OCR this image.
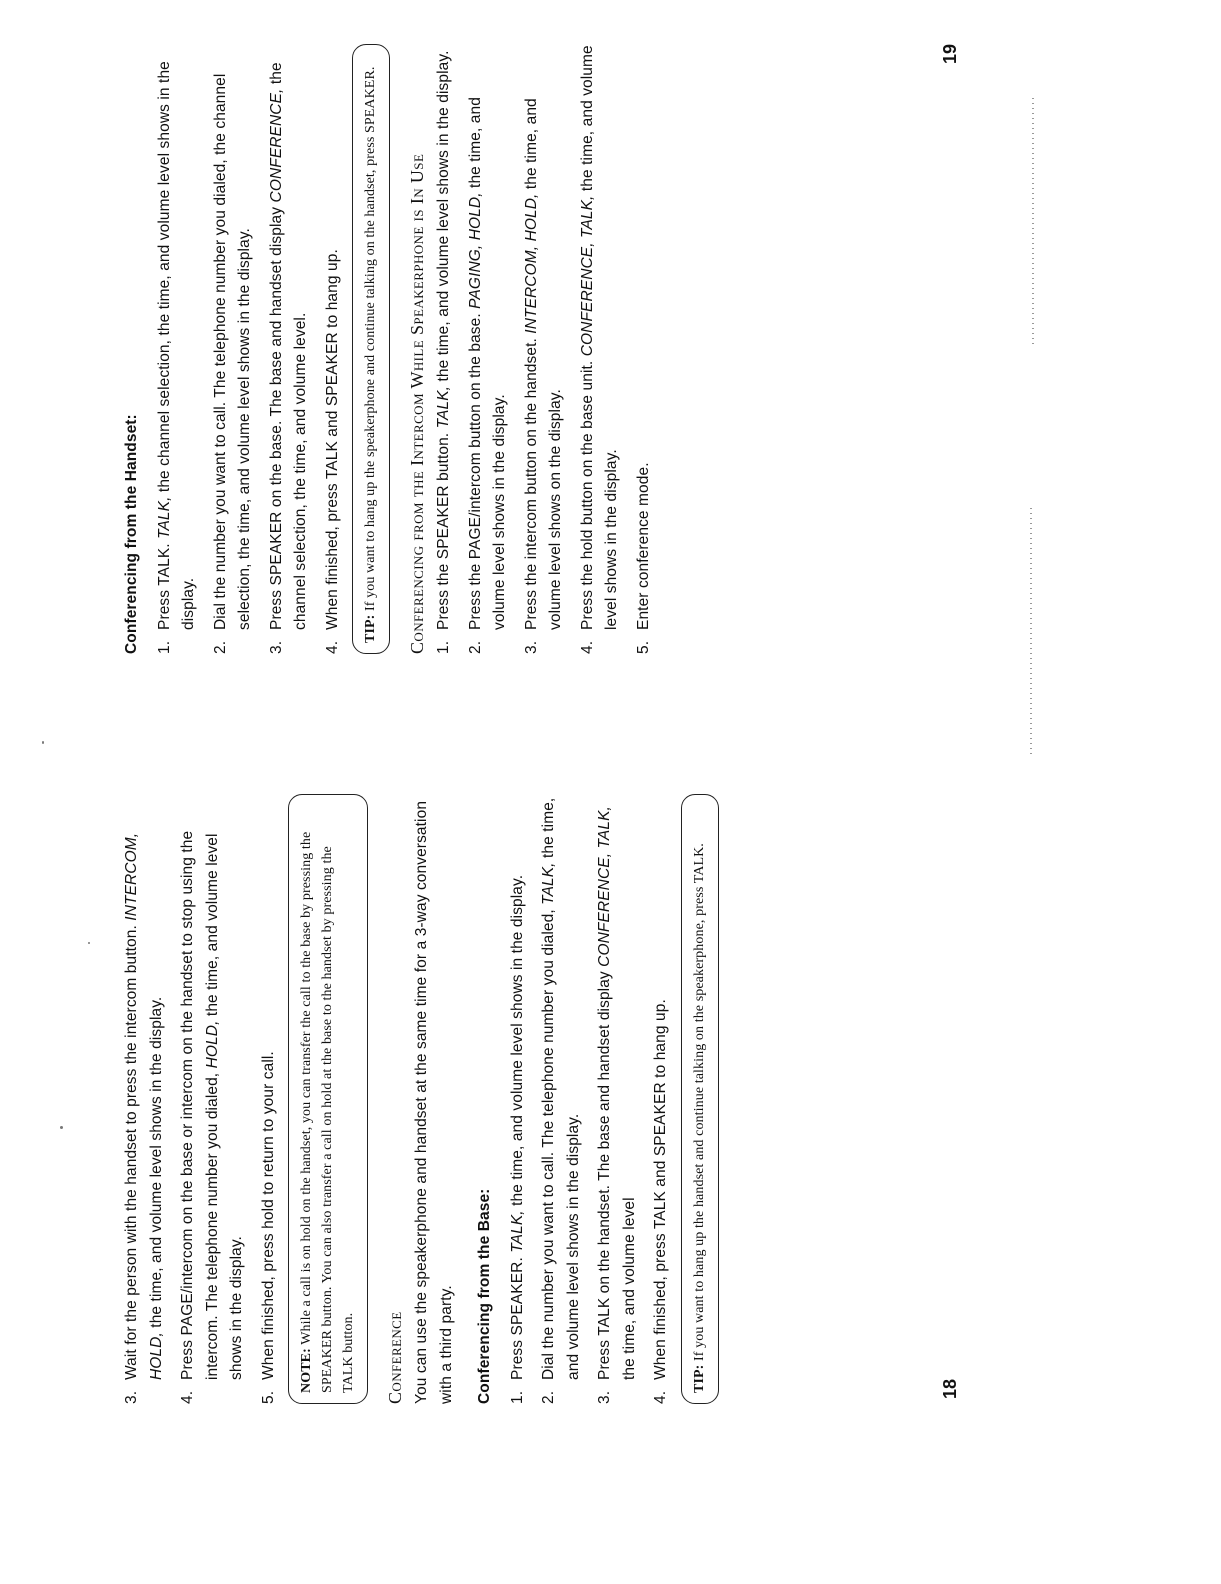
3.
Wait for the person with the handset to press the intercom button. INTERCOM, HOLD, the time, and volume level shows in the display.
4.
Press PAGE/intercom on the base or intercom on the handset to stop using the intercom. The telephone number you dialed, HOLD, the time, and volume level shows in the display.
5.
When finished, press hold to return to your call.	NOTE: While a call is on hold on the handset, you can transfer the call to the base by pressing the SPEAKER button. You can also transfer a call on hold at the base to the handset by pressing the TALK button.	Conference You can use the speakerphone and handset at the same time for a 3-way conversation with a third party. Conferencing from the Base: 1.
Press SPEAKER. TALK, the time, and volume level shows in the display.
2.
Dial the number you want to call. The telephone number you dialed, TALK, the time, and volume level shows in the display.
3.
Press TALK on the handset. The base and handset display CONFERENCE, TALK, the time, and volume level
4.
When finished, press TALK and SPEAKER to hang up.	TIP: If you want to hang up the handset and continue talking on the speakerphone, press TALK.
18
Conferencing from the Handset: 1.
Press TALK. TALK, the channel selection, the time, and volume level shows in the display.
2.
Dial the number you want to call. The telephone number you dialed, the channel selection, the time, and volume level shows in the display.
3.
Press SPEAKER on the base. The base and handset display CONFERENCE, the channel selection, the time, and volume level.
4.
When finished, press TALK and SPEAKER to hang up.	TIP: If you want to hang up the speakerphone and continue talking on the handset, press SPEAKER.	Conferencing from the Intercom While Speakerphone is In Use 1.
Press the SPEAKER button. TALK, the time, and volume level shows in the display.
2.
Press the PAGE/intercom button on the base. PAGING, HOLD, the time, and volume level shows in the display.
3.
Press the intercom button on the handset. INTERCOM, HOLD, the time, and volume level shows on the display.
4.
Press the hold button on the base unit. CONFERENCE, TALK, the time, and volume level shows in the display.
5.
Enter conference mode.
19
